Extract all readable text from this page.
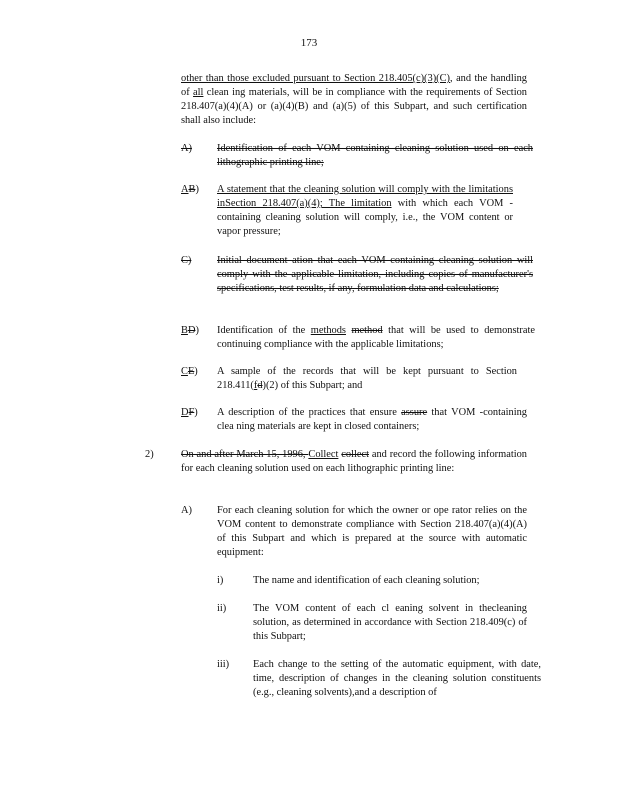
173
other than those excluded pursuant to Section 218.405(c)(3)(C), and the handling of all clean ing materials, will be in compliance with the requirements of Section 218.407(a)(4)(A) or (a)(4)(B) and (a)(5) of this Subpart, and such certification shall also include:
A) Identification of each VOM containing cleaning solution used on each lithographic printing line;
AB) A statement that the cleaning solution will comply with the limitations inSection 218.407(a)(4); The limitation with which each VOM -containing cleaning solution will comply, i.e., the VOM content or vapor pressure;
C) Initial document ation that each VOM containing cleaning solution will comply with the applicable limitation, including copies of manufacturer's specifications, test results, if any, formulation data and calculations;
BD) Identification of the methods method that will be used to demonstrate continuing compliance with the applicable limitations;
CE) A sample of the records that will be kept pursuant to Section 218.411(fd)(2) of this Subpart; and
DF) A description of the practices that ensure assure that VOM -containing clea ning materials are kept in closed containers;
2)	On and after March 15, 1996, Collect collect and record the following information for each cleaning solution used on each lithographic printing line:
A) For each cleaning solution for which the owner or ope rator relies on the VOM content to demonstrate compliance with Section 218.407(a)(4)(A) of this Subpart and which is prepared at the source with automatic equipment:
i)	The name and identification of each cleaning solution;
ii)	The VOM content of each cl eaning solvent in thecleaning solution, as determined in accordance with Section 218.409(c) of this Subpart;
iii) Each change to the setting of the automatic equipment, with date, time, description of changes in the cleaning solution constituents (e.g., cleaning solvents),and a description of
